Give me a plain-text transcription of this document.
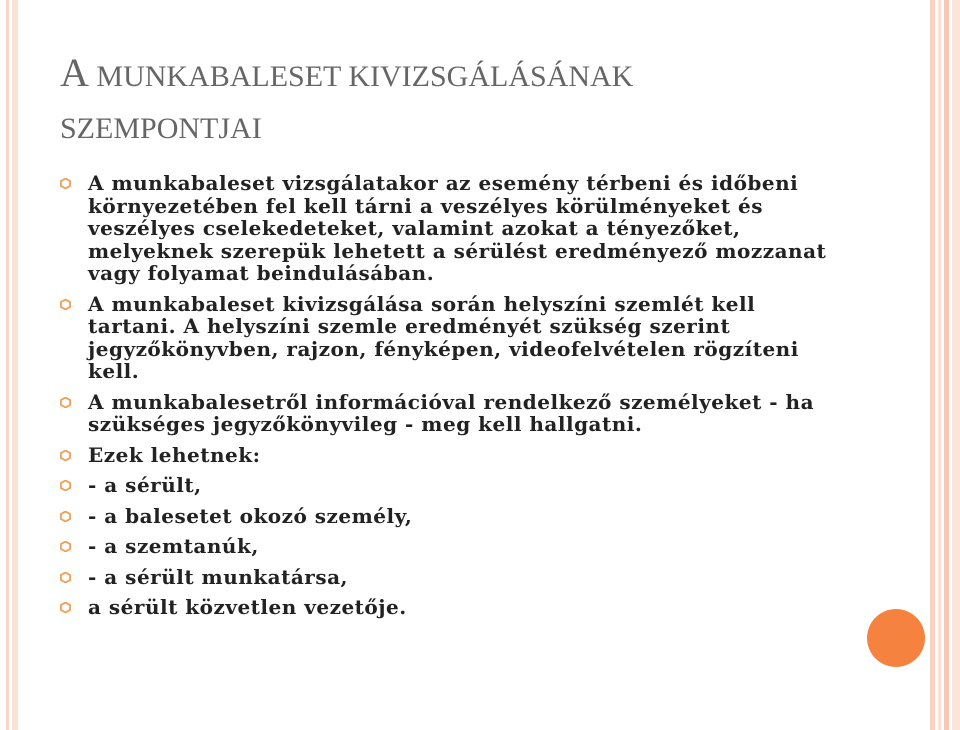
A MUNKABALESET KIVIZSGÁLÁSÁNAK
SZEMPONTJAI
A munkabaleset vizsgálatakor az esemény térbeni és időbeni környezetében fel kell tárni a veszélyes körülményeket és veszélyes cselekedeteket, valamint azokat a tényezőket, melyeknek szerepük lehetett a sérülést eredményező mozzanat vagy folyamat beindulásában.
A munkabaleset kivizsgálása során helyszíni szemlét kell tartani. A helyszíni szemle eredményét szükség szerint jegyzőkönyvben, rajzon, fényképen, videofelvételen rögzíteni kell.
A munkabalesetről információval rendelkező személyeket - ha szükséges jegyzőkönyvileg - meg kell hallgatni.
Ezek lehetnek:
- a sérült,
- a balesetet okozó személy,
- a szemtanúk,
- a sérült munkatársa,
a sérült közvetlen vezetője.
